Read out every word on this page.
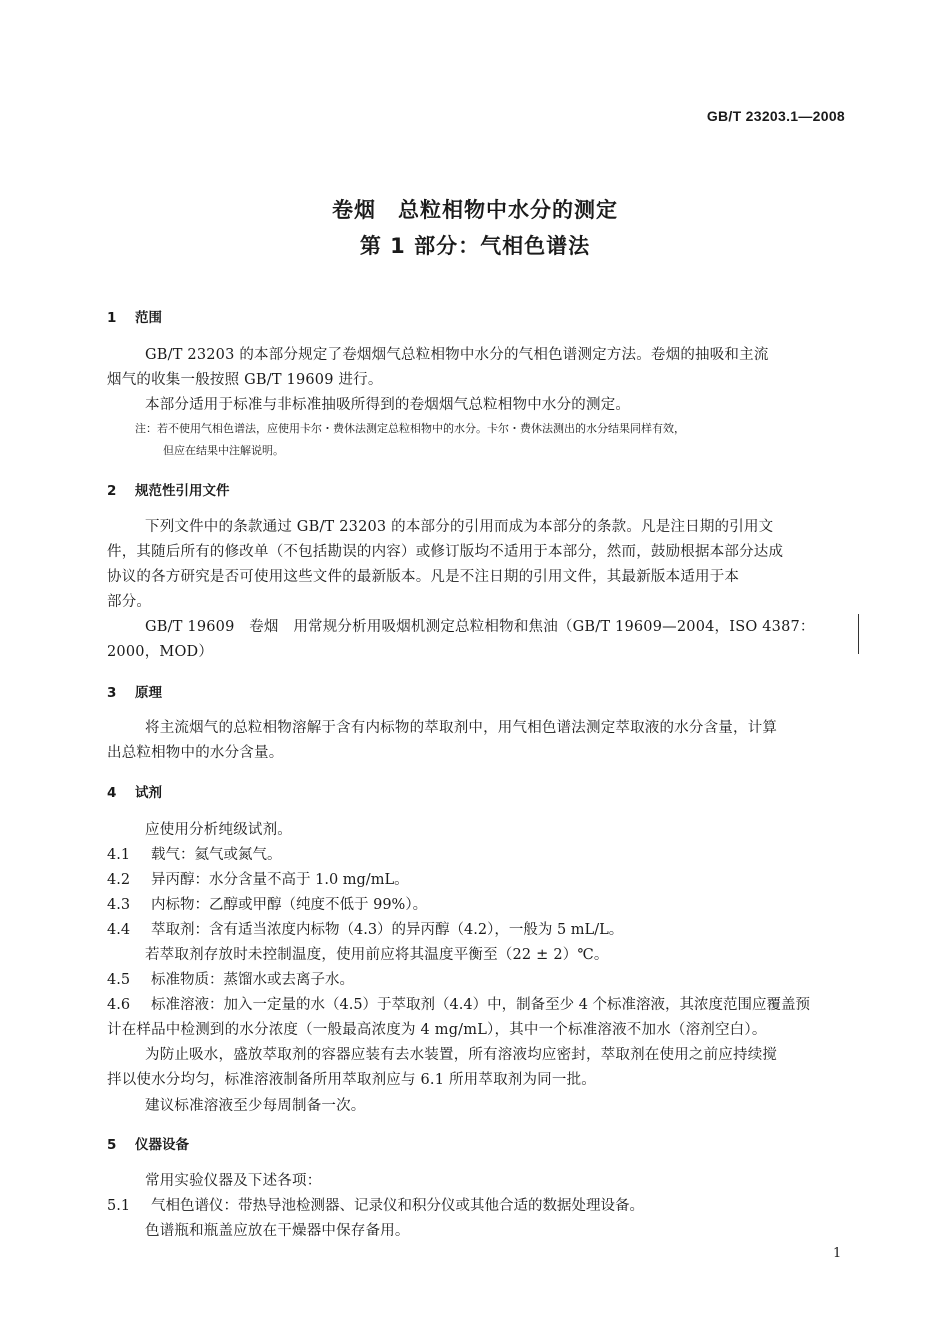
GB/T 23203.1—2008
卷烟　总粒相物中水分的测定
第 1 部分：气相色谱法
1 范围
GB/T 23203 的本部分规定了卷烟烟气总粒相物中水分的气相色谱测定方法。卷烟的抽吸和主流
烟气的收集一般按照 GB/T 19609 进行。
本部分适用于标准与非标准抽吸所得到的卷烟烟气总粒相物中水分的测定。
注：若不使用气相色谱法，应使用卡尔・费休法测定总粒相物中的水分。卡尔・费休法测出的水分结果同样有效，
但应在结果中注解说明。
2 规范性引用文件
下列文件中的条款通过 GB/T 23203 的本部分的引用而成为本部分的条款。凡是注日期的引用文
件，其随后所有的修改单（不包括勘误的内容）或修订版均不适用于本部分，然而，鼓励根据本部分达成
协议的各方研究是否可使用这些文件的最新版本。凡是不注日期的引用文件，其最新版本适用于本
部分。
GB/T 19609　卷烟　用常规分析用吸烟机测定总粒相物和焦油（GB/T 19609—2004，ISO 4387：
2000，MOD）
3 原理
将主流烟气的总粒相物溶解于含有内标物的萃取剂中，用气相色谱法测定萃取液的水分含量，计算
出总粒相物中的水分含量。
4 试剂
应使用分析纯级试剂。
4.1 载气：氦气或氮气。
4.2 异丙醇：水分含量不高于 1.0 mg/mL。
4.3 内标物：乙醇或甲醇（纯度不低于 99%）。
4.4 萃取剂：含有适当浓度内标物（4.3）的异丙醇（4.2），一般为 5 mL/L。
若萃取剂存放时未控制温度，使用前应将其温度平衡至（22 ± 2）℃。
4.5 标准物质：蒸馏水或去离子水。
4.6 标准溶液：加入一定量的水（4.5）于萃取剂（4.4）中，制备至少 4 个标准溶液，其浓度范围应覆盖预
计在样品中检测到的水分浓度（一般最高浓度为 4 mg/mL），其中一个标准溶液不加水（溶剂空白）。
为防止吸水，盛放萃取剂的容器应装有去水装置，所有溶液均应密封，萃取剂在使用之前应持续搅
拌以使水分均匀，标准溶液制备所用萃取剂应与 6.1 所用萃取剂为同一批。
建议标准溶液至少每周制备一次。
5 仪器设备
常用实验仪器及下述各项：
5.1 气相色谱仪：带热导池检测器、记录仪和积分仪或其他合适的数据处理设备。
色谱瓶和瓶盖应放在干燥器中保存备用。
1
